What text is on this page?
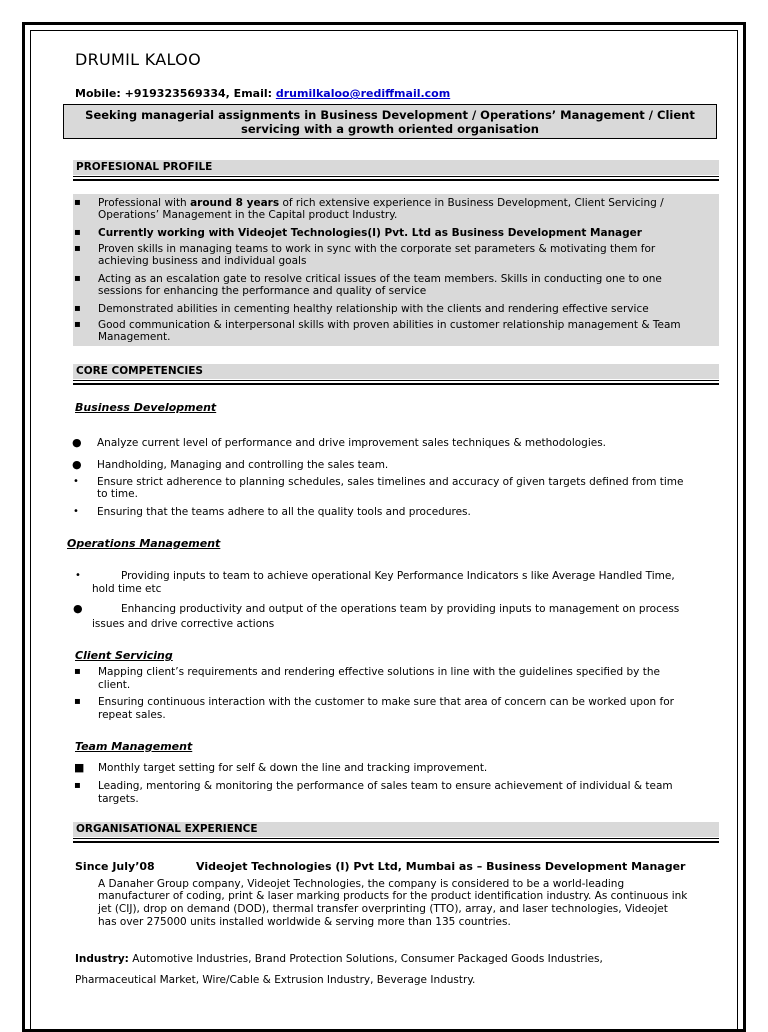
DRUMIL KALOO
Mobile: +919323569334, Email: drumilkaloo@rediffmail.com
Seeking managerial assignments in Business Development / Operations’ Management / Client
servicing with a growth oriented organisation
PROFESIONAL PROFILE
▪ Professional with around 8 years of rich extensive experience in Business Development, Client Servicing /
Operations’ Management in the Capital product Industry.
▪ Currently working with Videojet Technologies(I) Pvt. Ltd as Business Development Manager
▪ Proven skills in managing teams to work in sync with the corporate set parameters & motivating them for
achieving business and individual goals
▪ Acting as an escalation gate to resolve critical issues of the team members. Skills in conducting one to one
sessions for enhancing the performance and quality of service
▪ Demonstrated abilities in cementing healthy relationship with the clients and rendering effective service
▪ Good communication & interpersonal skills with proven abilities in customer relationship management & Team
Management.
CORE COMPETENCIES
Business Development
● Analyze current level of performance and drive improvement sales techniques & methodologies.
● Handholding, Managing and controlling the sales team.
• Ensure strict adherence to planning schedules, sales timelines and accuracy of given targets defined from time
to time.
• Ensuring that the teams adhere to all the quality tools and procedures.
Operations Management
•	Providing inputs to team to achieve operational Key Performance Indicators s like Average Handled Time,
hold time etc
●	Enhancing productivity and output of the operations team by providing inputs to management on process
issues and drive corrective actions
Client Servicing
▪ Mapping client’s requirements and rendering effective solutions in line with the guidelines specified by the
client.
▪ Ensuring continuous interaction with the customer to make sure that area of concern can be worked upon for
repeat sales.
Team Management
■ Monthly target setting for self & down the line and tracking improvement.
▪ Leading, mentoring & monitoring the performance of sales team to ensure achievement of individual & team
targets.
ORGANISATIONAL EXPERIENCE
Since July’08	Videojet Technologies (I) Pvt Ltd, Mumbai as – Business Development Manager
A Danaher Group company, Videojet Technologies, the company is considered to be a world-leading
manufacturer of coding, print & laser marking products for the product identification industry. As continuous ink
jet (CIJ), drop on demand (DOD), thermal transfer overprinting (TTO), array, and laser technologies, Videojet
has over 275000 units installed worldwide & serving more than 135 countries.
Industry: Automotive Industries, Brand Protection Solutions, Consumer Packaged Goods Industries,
Pharmaceutical Market, Wire/Cable & Extrusion Industry, Beverage Industry.
